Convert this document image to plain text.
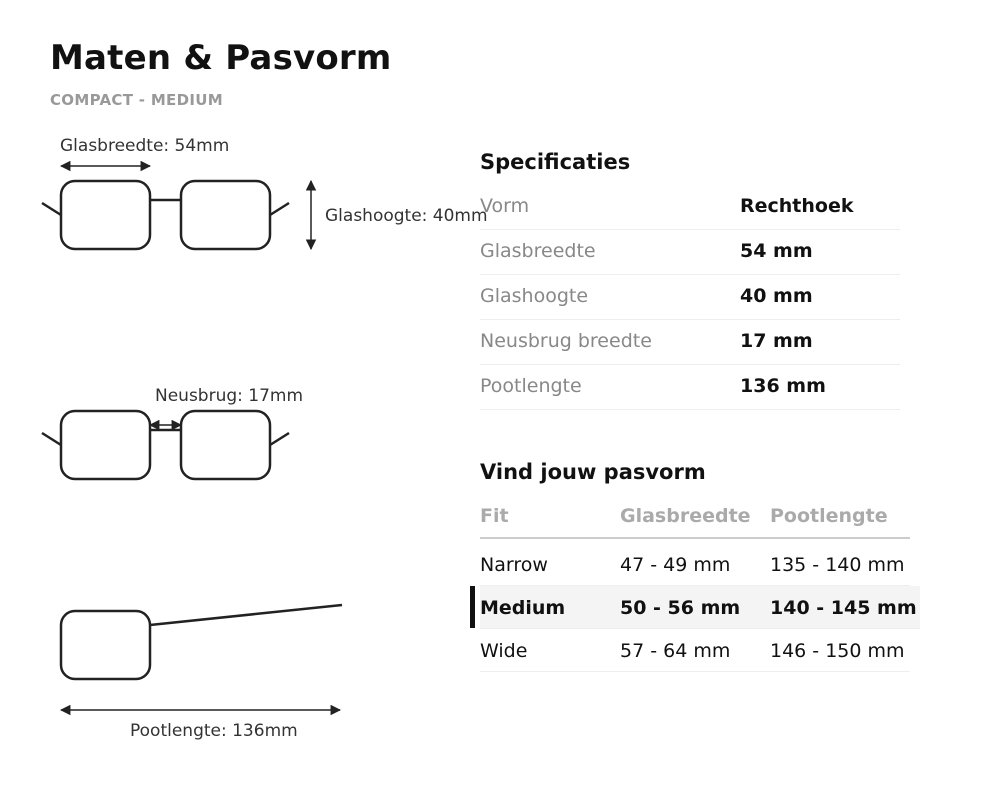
Maten & Pasvorm
COMPACT - MEDIUM
Glasbreedte: 54mm
Glashoogte: 40mm
Neusbrug: 17mm
Pootlengte: 136mm
Specificaties
Vorm	Rechthoek
Glasbreedte	54 mm
Glashoogte	40 mm
Neusbrug breedte	17 mm
Pootlengte	136 mm
Vind jouw pasvorm
Fit	Glasbreedte Pootlengte
Narrow	47 - 49 mm 135 - 140 mm
Medium	50 - 56 mm 140 - 145 mm
Wide	57 - 64 mm 146 - 150 mm
